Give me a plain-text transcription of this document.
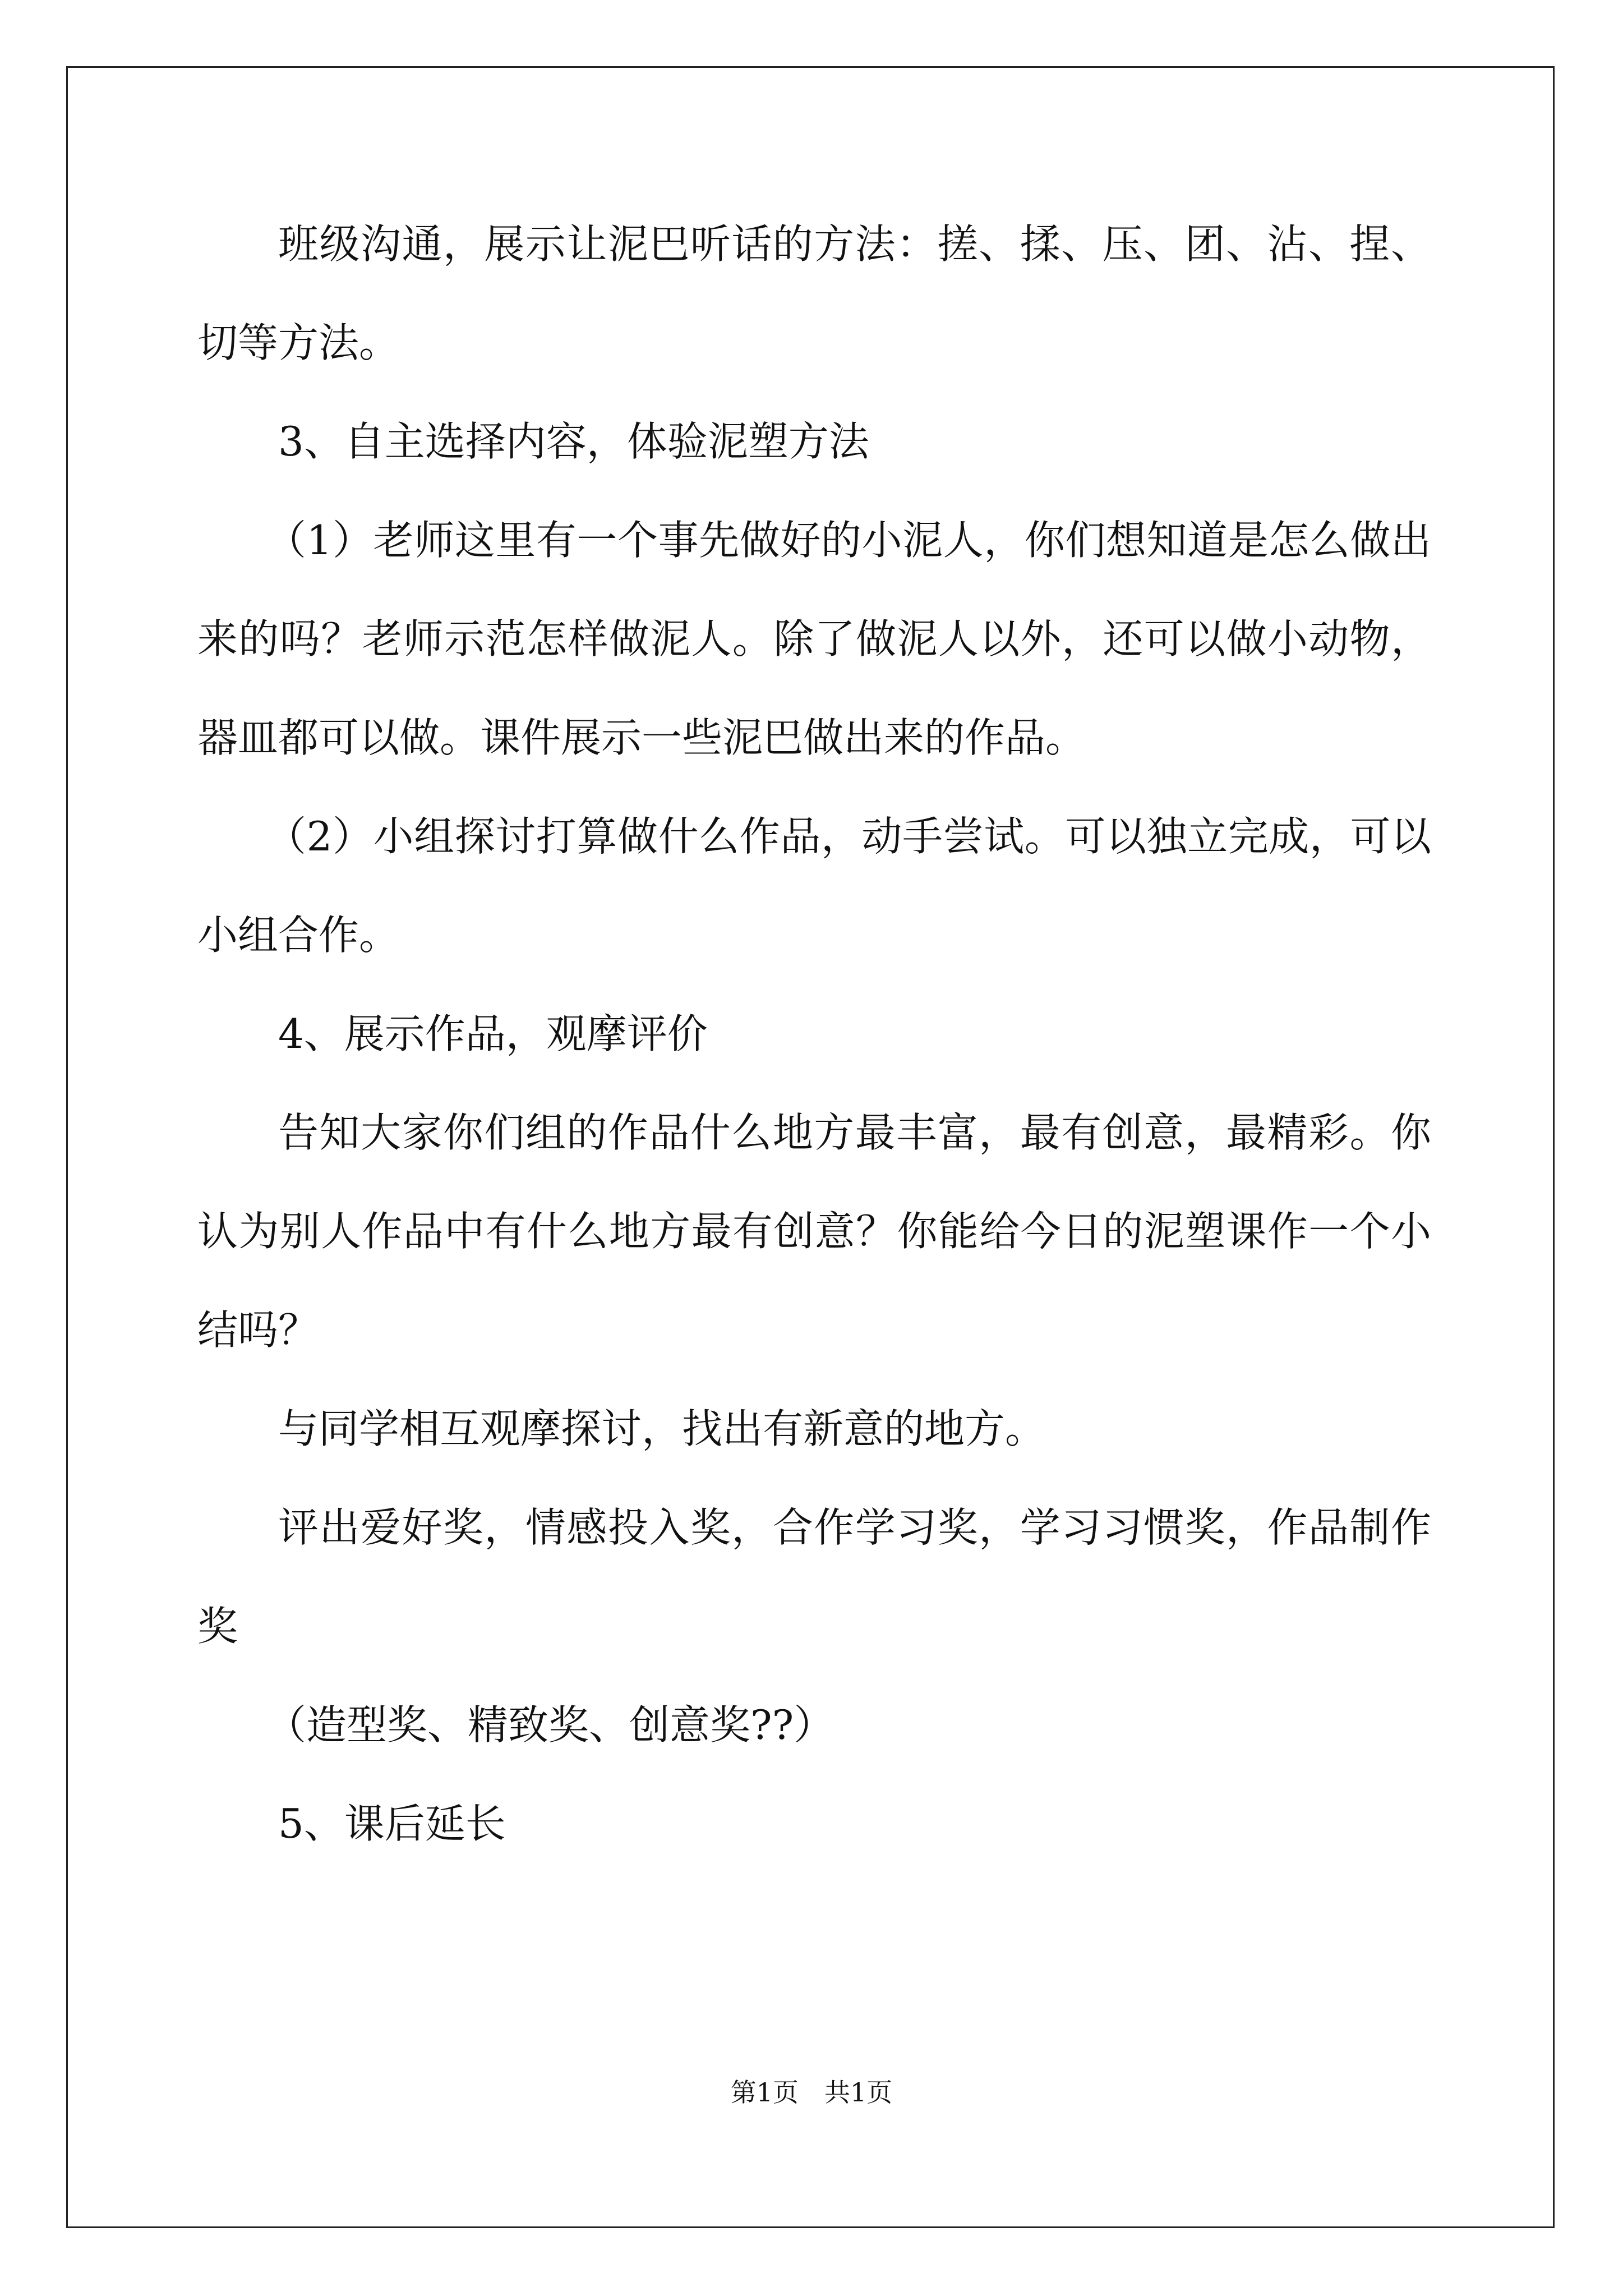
班级沟通，展示让泥巴听话的方法：搓、揉、压、团、沾、捏、
切等方法。
3、自主选择内容，体验泥塑方法
（1）老师这里有一个事先做好的小泥人，你们想知道是怎么做出
来的吗？老师示范怎样做泥人。除了做泥人以外，还可以做小动物，
器皿都可以做。课件展示一些泥巴做出来的作品。
（2）小组探讨打算做什么作品，动手尝试。可以独立完成，可以
小组合作。
4、展示作品，观摩评价
告知大家你们组的作品什么地方最丰富，最有创意，最精彩。你
认为别人作品中有什么地方最有创意？你能给今日的泥塑课作一个小
结吗？
与同学相互观摩探讨，找出有新意的地方。
评出爱好奖，情感投入奖，合作学习奖，学习习惯奖，作品制作
奖
（造型奖、精致奖、创意奖??）
5、课后延长
第1页　共1页
